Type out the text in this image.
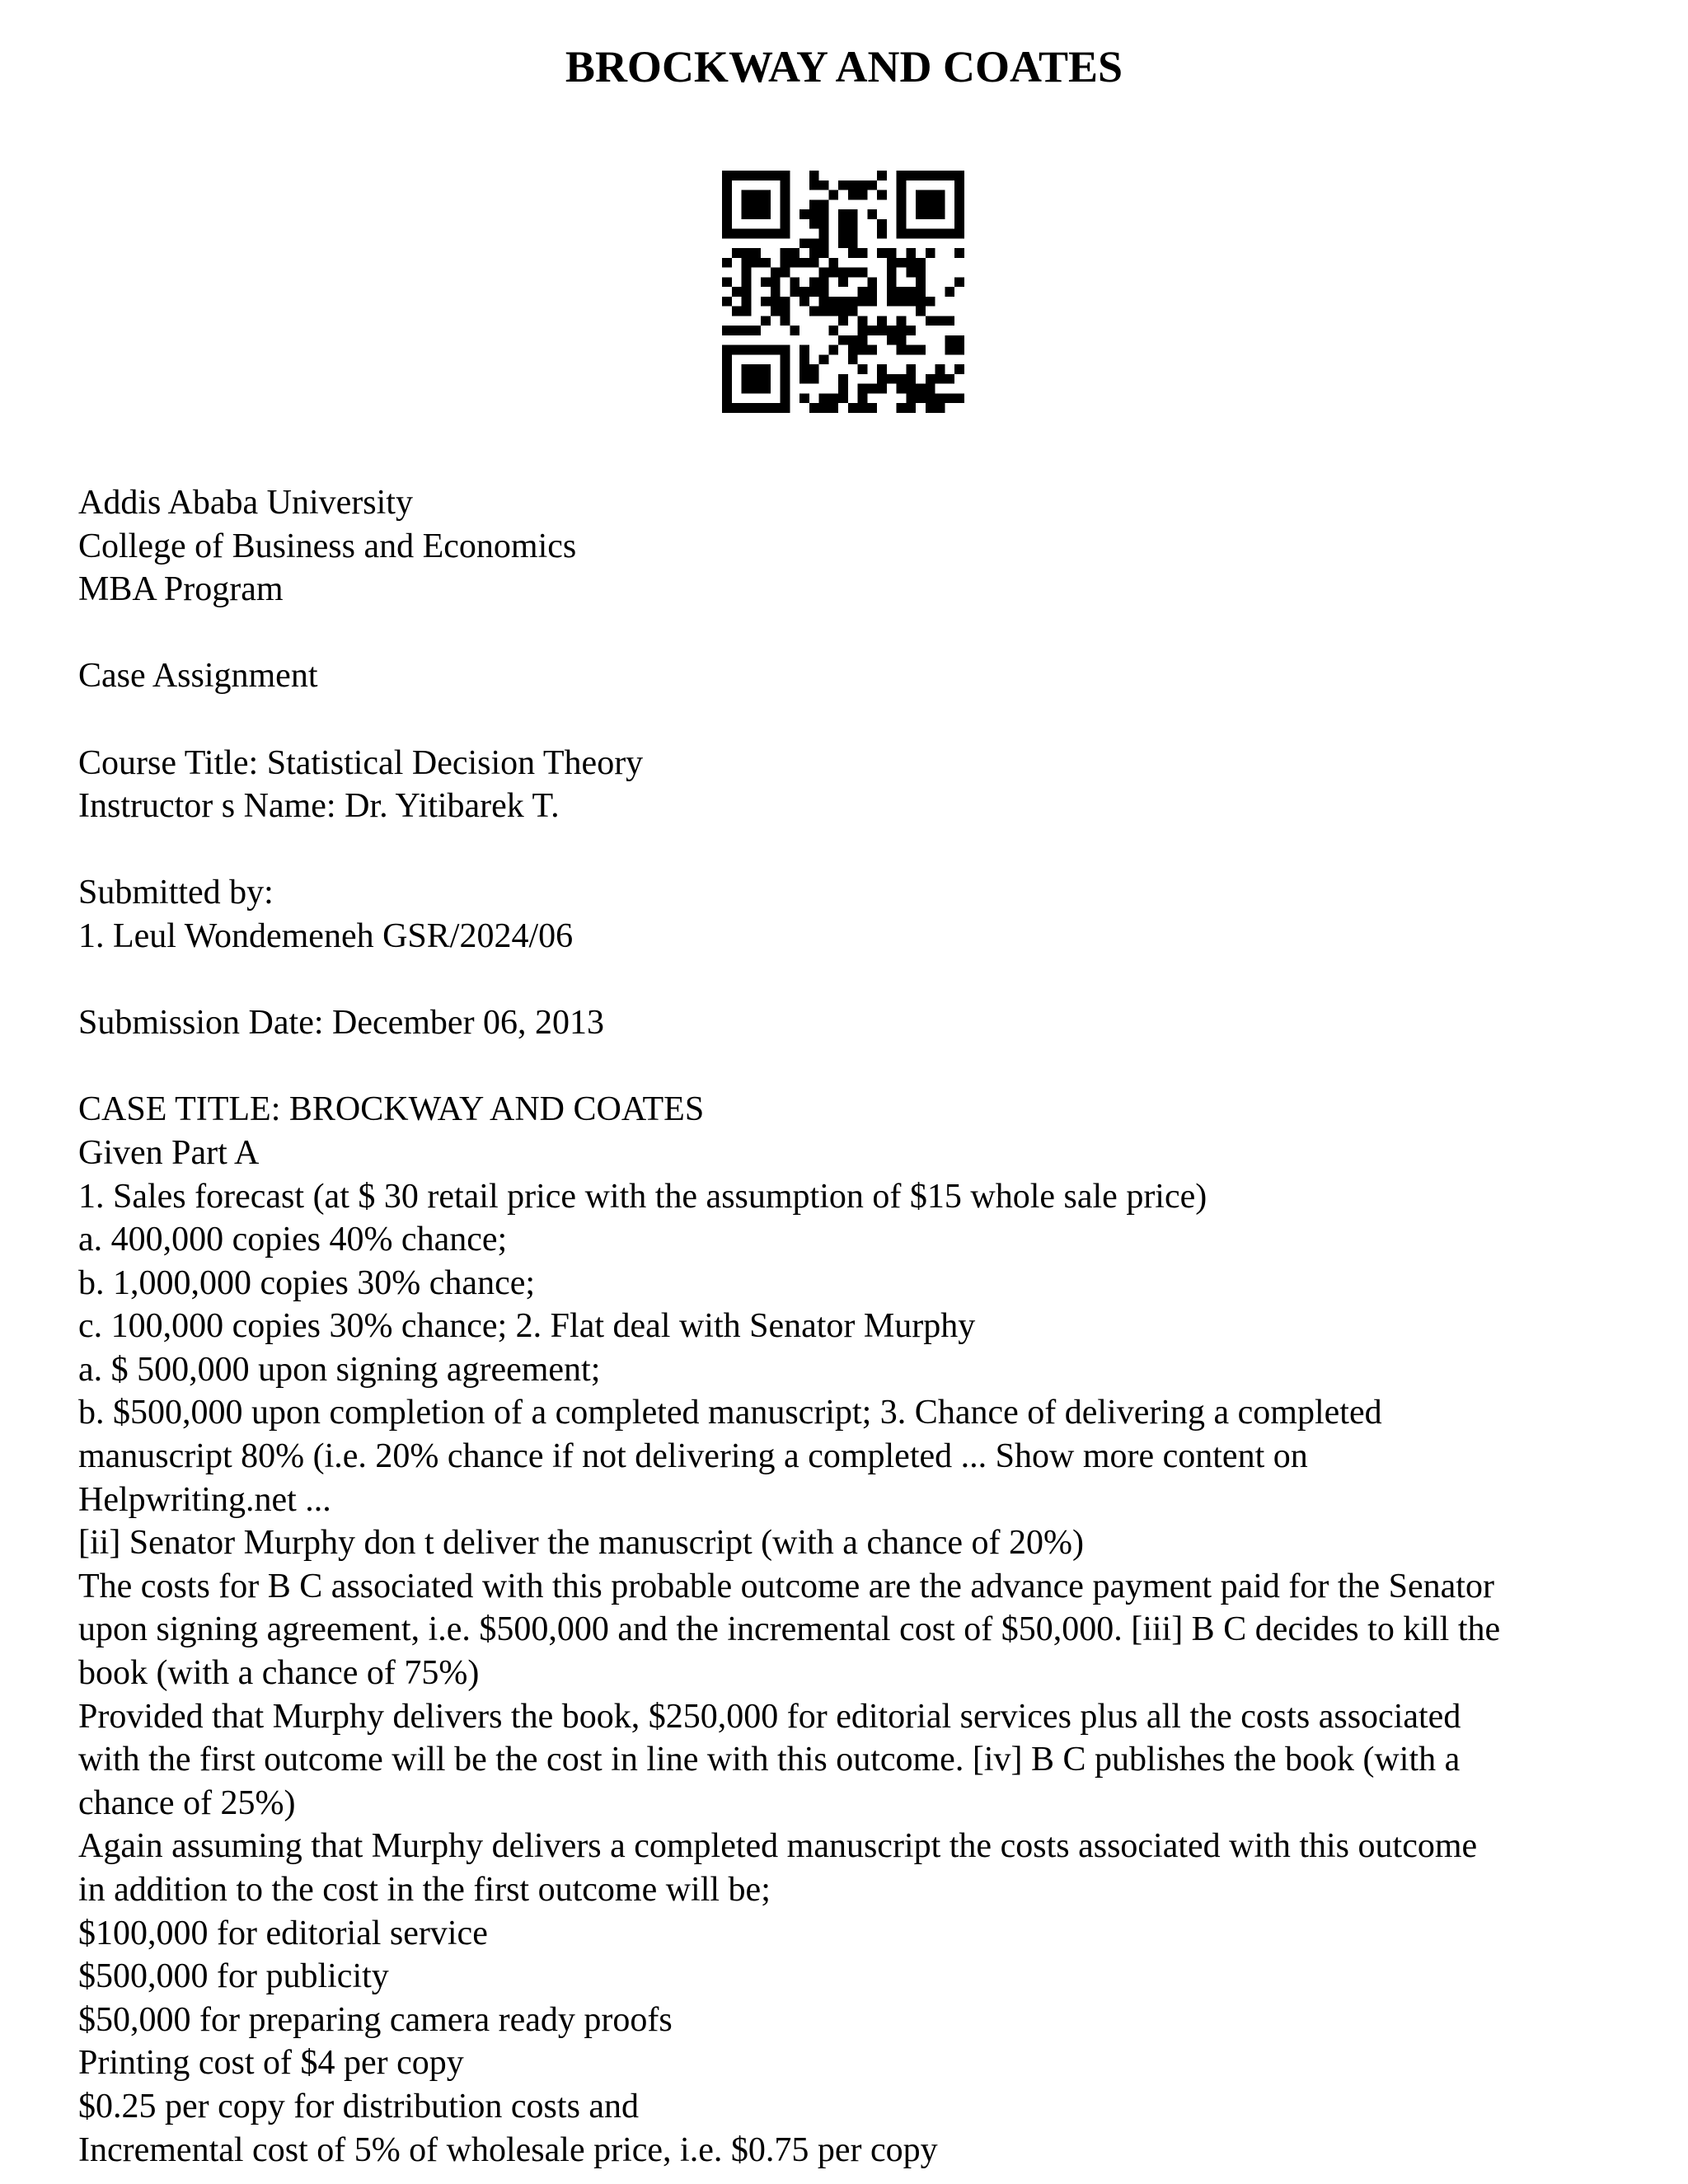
BROCKWAY AND COATES
Addis Ababa University
College of Business and Economics
MBA Program
Case Assignment
Course Title: Statistical Decision Theory
Instructor s Name: Dr. Yitibarek T.
Submitted by:
1. Leul Wondemeneh GSR/2024/06
Submission Date: December 06, 2013
CASE TITLE: BROCKWAY AND COATES
Given Part A
1. Sales forecast (at $ 30 retail price with the assumption of $15 whole sale price)
a. 400,000 copies 40% chance;
b. 1,000,000 copies 30% chance;
c. 100,000 copies 30% chance; 2. Flat deal with Senator Murphy
a. $ 500,000 upon signing agreement;
b. $500,000 upon completion of a completed manuscript; 3. Chance of delivering a completed
manuscript 80% (i.e. 20% chance if not delivering a completed ... Show more content on
Helpwriting.net ...
[ii] Senator Murphy don t deliver the manuscript (with a chance of 20%)
The costs for B C associated with this probable outcome are the advance payment paid for the Senator
upon signing agreement, i.e. $500,000 and the incremental cost of $50,000. [iii] B C decides to kill the
book (with a chance of 75%)
Provided that Murphy delivers the book, $250,000 for editorial services plus all the costs associated
with the first outcome will be the cost in line with this outcome. [iv] B C publishes the book (with a
chance of 25%)
Again assuming that Murphy delivers a completed manuscript the costs associated with this outcome
in addition to the cost in the first outcome will be;
$100,000 for editorial service
$500,000 for publicity
$50,000 for preparing camera ready proofs
Printing cost of $4 per copy
$0.25 per copy for distribution costs and
Incremental cost of 5% of wholesale price, i.e. $0.75 per copy
